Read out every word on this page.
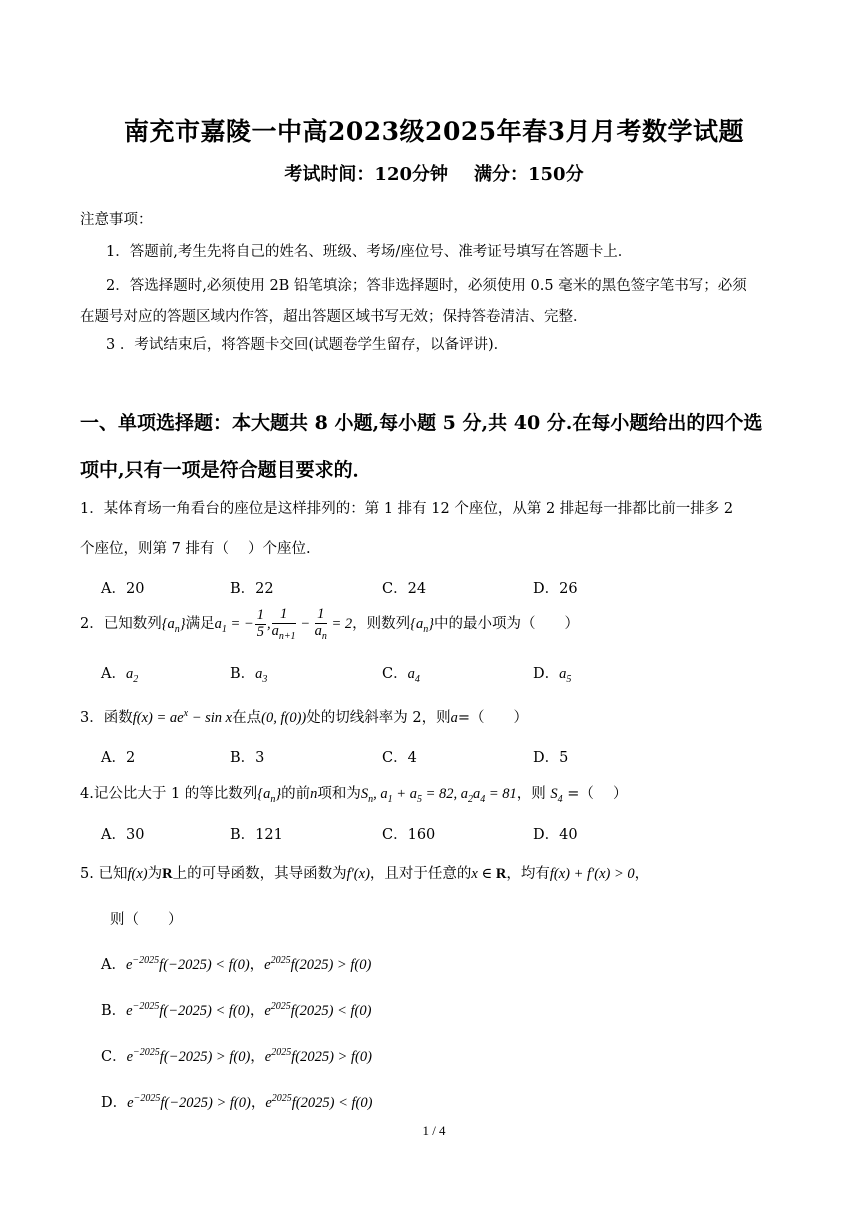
南充市嘉陵一中高2023级2025年春3月月考数学试题
考试时间：120分钟 满分：150分
注意事项：
1．答题前,考生先将自己的姓名、班级、考场/座位号、准考证号填写在答题卡上．
2．答选择题时,必须使用 2B 铅笔填涂；答非选择题时，必须使用 0.5 毫米的黑色签字笔书写；必须
在题号对应的答题区域内作答，超出答题区域书写无效；保持答卷清洁、完整．
3 ．考试结束后，将答题卡交回(试题卷学生留存，以备评讲)．
一、单项选择题：本大题共 8 小题,每小题 5 分,共 40 分.在每小题给出的四个选
项中,只有一项是符合题目要求的．
1．某体育场一角看台的座位是这样排列的：第 1 排有 12 个座位，从第 2 排起每一排都比前一排多 2
个座位，则第 7 排有（　 ）个座位.
A．20	B．22	C．24	D．26
2．已知数列$\{a_n\}$满足$a_1$ = − $\frac{1}{5}$ , $\frac{1}{a_{n+1}} - \frac{1}{a_n} = 2$，则数列$\{a_n\}$中的最小项为（　　）
A．$a_2$	B．$a_3$	C．$a_4$	D．$a_5$
3．函数$f(x) = ae^x - \sin x$在点(0, f(0))处的切线斜率为 2，则a=（　　）
A．2	B．3	C．4	D．5
4.记公比大于 1 的等比数列$\{a_n\}$的前n项和为$S_n$, $a_1 + a_5 = 82$, $a_2a_4 = 81$，则 $S_4$ =（　 ）
A．30	B．121	C．160	D．40
5. 已知f(x)为R上的可导函数，其导函数为f′(x)，且对于任意的x ∈ R，均有f(x) + f′(x) > 0，
则（　　）
A．$e^{-2025}f(-2025) < f(0)$，$e^{2025}f(2025) > f(0)$
B．$e^{-2025}f(-2025) < f(0)$，$e^{2025}f(2025) < f(0)$
C．$e^{-2025}f(-2025) > f(0)$，$e^{2025}f(2025) > f(0)$
D．$e^{-2025}f(-2025) > f(0)$，$e^{2025}f(2025) < f(0)$
1 / 4
